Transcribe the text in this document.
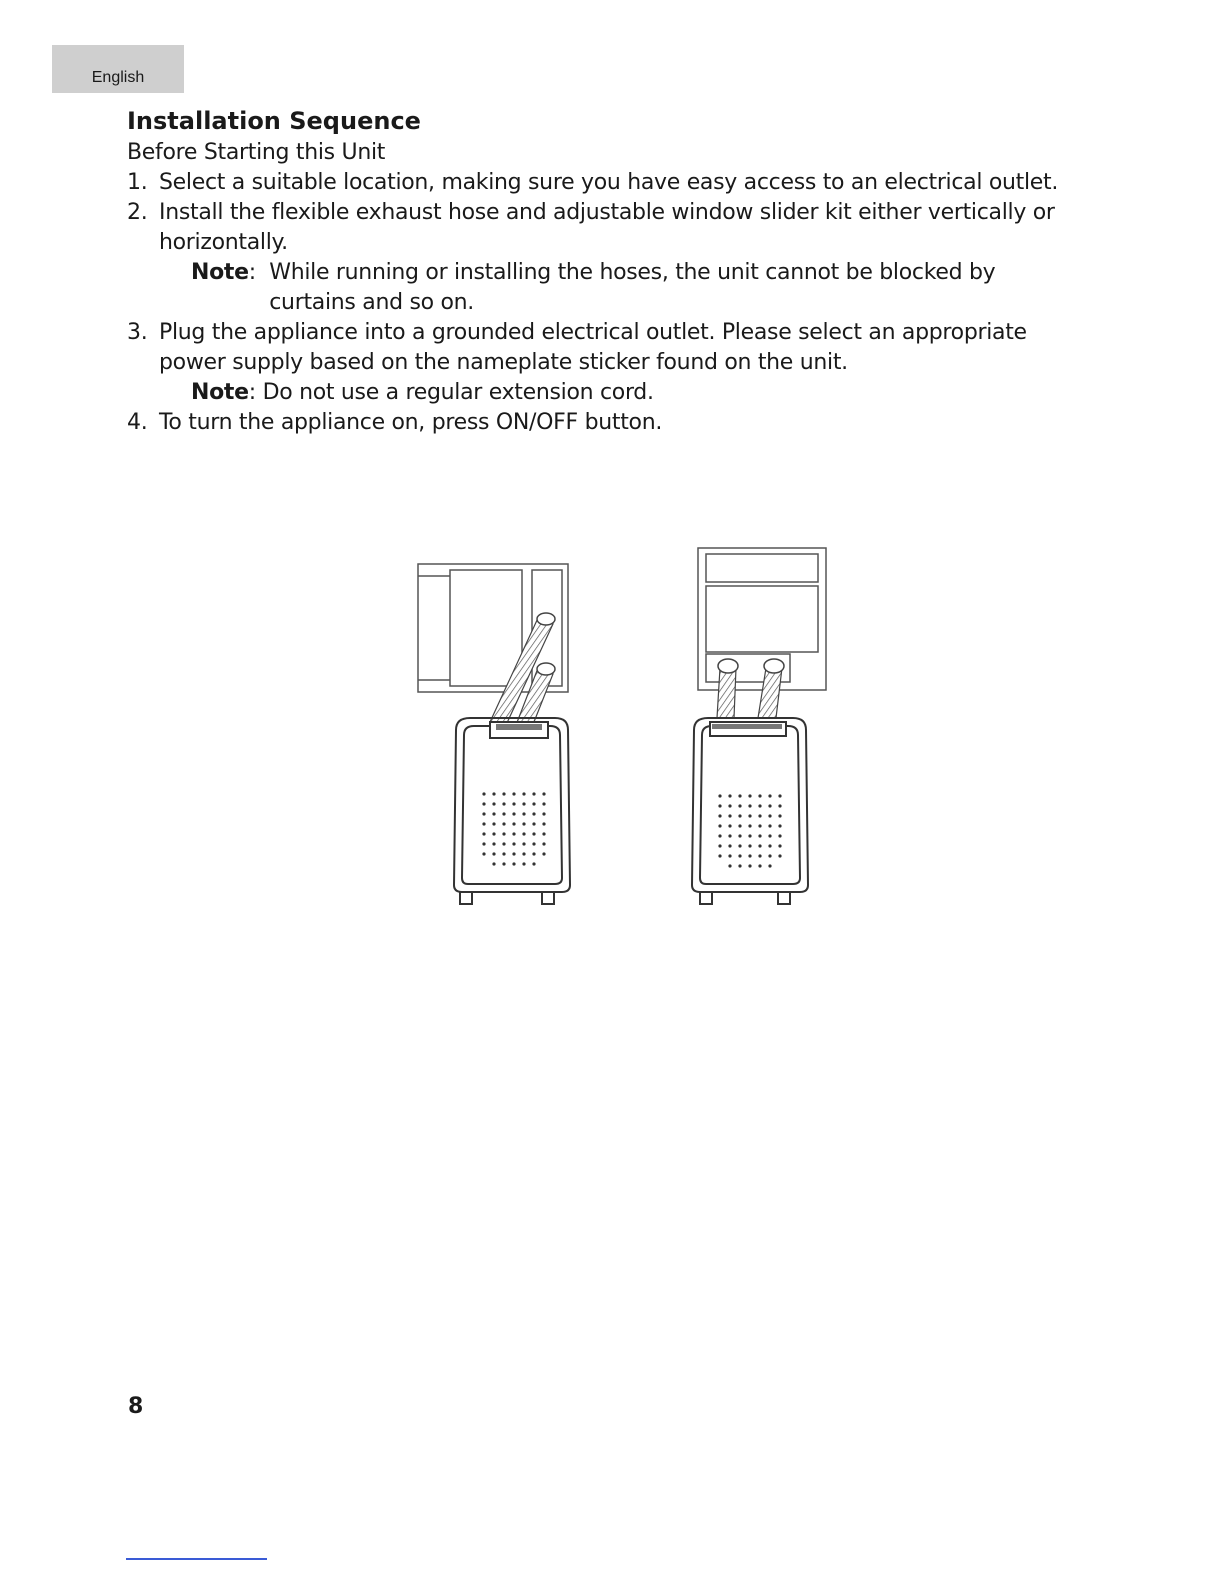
English
Installation Sequence

Before Starting this Unit

1. Select a suitable location, making sure you have easy access to an electrical outlet.
2. Install the flexible exhaust hose and adjustable window slider kit either vertically or horizontally.
Note : While running or installing the hoses, the unit cannot be blocked by curtains and so on.
3. Plug the appliance into a grounded electrical outlet. Please select an appropriate power supply based on the nameplate sticker found on the unit.
Note : Do not use a regular extension cord.
4. To turn the appliance on, press ON/OFF button.
8
